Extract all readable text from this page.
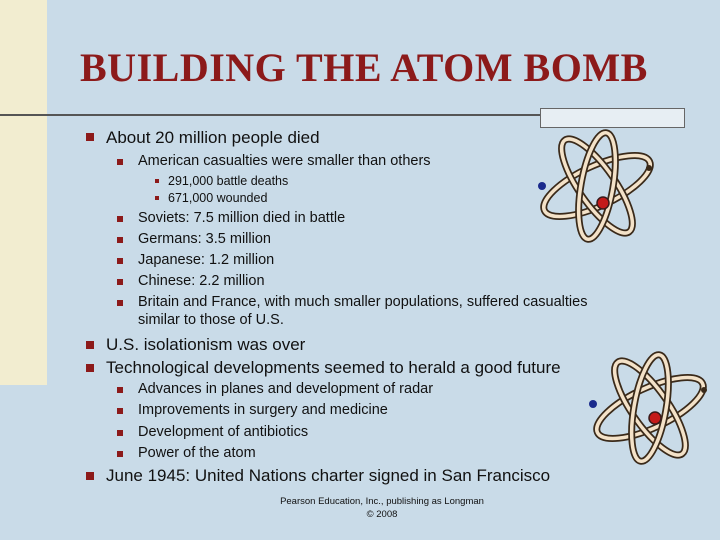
BUILDING THE ATOM BOMB
About 20 million people died
American casualties were smaller than others
291,000 battle deaths
671,000 wounded
Soviets: 7.5 million died in battle
Germans: 3.5 million
Japanese: 1.2 million
Chinese: 2.2 million
Britain and France, with much smaller populations, suffered casualties
similar to those of U.S.
U.S. isolationism was over
Technological developments seemed to herald a good future
Advances in planes and development of radar
Improvements in surgery and medicine
Development of antibiotics
Power of the atom
June 1945: United Nations charter signed in San Francisco
Pearson Education, Inc., publishing as Longman
© 2008
